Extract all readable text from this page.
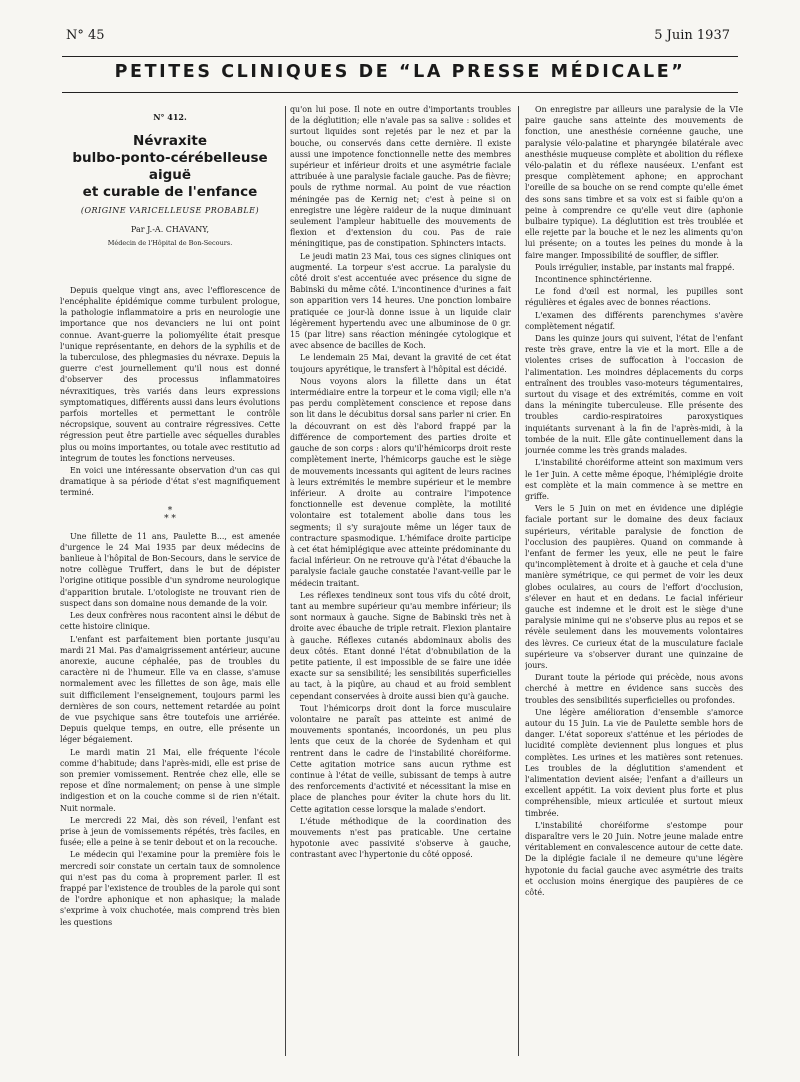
N° 45	5 Juin 1937
PETITES CLINIQUES DE “LA PRESSE MÉDICALE”
N° 412.
Névraxite
bulbo-ponto-cérébelleuse aiguë
et curable de l'enfance
(ORIGINE VARICELLEUSE PROBABLE)
Par J.-A. CHAVANY,
Médecin de l'Hôpital de Bon-Secours.

Depuis quelque vingt ans, avec l'efflorescence de l'encéphalite épidémique comme turbulent prologue, la pathologie inflammatoire a pris en neurologie une importance que nos devanciers ne lui ont point connue. Avant-guerre la poliomyélite était presque l'unique représentante, en dehors de la syphilis et de la tuberculose, des phlegmasies du névraxe. Depuis la guerre c'est journellement qu'il nous est donné d'observer des processus inflammatoires névraxitiques, très variés dans leurs expressions symptomatiques, différents aussi dans leurs évolutions parfois mortelles et permettant le contrôle nécropsique, souvent au contraire régressives. Cette régression peut être partielle avec séquelles durables plus ou moins importantes, ou totale avec restitutio ad integrum de toutes les fonctions nerveuses.

En voici une intéressante observation d'un cas qui dramatique à sa période d'état s'est magnifiquement terminé.

*
* *

Une fillette de 11 ans, Paulette B..., est amenée d'urgence le 24 Mai 1935 par deux médecins de banlieue à l'hôpital de Bon-Secours, dans le service de notre collègue Truffert, dans le but de dépister l'origine otitique possible d'un syndrome neurologique d'apparition brutale. L'otologiste ne trouvant rien de suspect dans son domaine nous demande de la voir.

Les deux confrères nous racontent ainsi le début de cette histoire clinique.

L'enfant est parfaitement bien portante jusqu'au mardi 21 Mai. Pas d'amaigrissement antérieur, aucune anorexie, aucune céphalée, pas de troubles du caractère ni de l'humeur. Elle va en classe, s'amuse normalement avec les fillettes de son âge, mais elle suit difficilement l'enseignement, toujours parmi les dernières de son cours, nettement retardée au point de vue psychique sans être toutefois une arriérée. Depuis quelque temps, en outre, elle présente un léger bégaiement.

Le mardi matin 21 Mai, elle fréquente l'école comme d'habitude; dans l'après-midi, elle est prise de son premier vomissement. Rentrée chez elle, elle se repose et dîne normalement; on pense à une simple indigestion et on la couche comme si de rien n'était. Nuit normale.

Le mercredi 22 Mai, dès son réveil, l'enfant est prise à jeun de vomissements répétés, très faciles, en fusée; elle a peine à se tenir debout et on la recouche.

Le médecin qui l'examine pour la première fois le mercredi soir constate un certain taux de somnolence qui n'est pas du coma à proprement parler. Il est frappé par l'existence de troubles de la parole qui sont de l'ordre aphonique et non aphasique; la malade s'exprime à voix chuchotée, mais comprend très bien les questions

qu'on lui pose. Il note en outre d'importants troubles de la déglutition; elle n'avale pas sa salive : solides et surtout liquides sont rejetés par le nez et par la bouche, ou conservés dans cette dernière. Il existe aussi une impotence fonctionnelle nette des membres supérieur et inférieur droits et une asymétrie faciale attribuée à une paralysie faciale gauche. Pas de fièvre; pouls de rythme normal. Au point de vue réaction méningée pas de Kernig net; c'est à peine si on enregistre une légère raideur de la nuque diminuant seulement l'ampleur habituelle des mouvements de flexion et d'extension du cou. Pas de raie méningitique, pas de constipation. Sphincters intacts.

Le jeudi matin 23 Mai, tous ces signes cliniques ont augmenté. La torpeur s'est accrue. La paralysie du côté droit s'est accentuée avec présence du signe de Babinski du même côté. L'incontinence d'urines a fait son apparition vers 14 heures. Une ponction lombaire pratiquée ce jour-là donne issue à un liquide clair légèrement hypertendu avec une albuminose de 0 gr. 15 (par litre) sans réaction méningée cytologique et avec absence de bacilles de Koch.

Le lendemain 25 Mai, devant la gravité de cet état toujours apyrétique, le transfert à l'hôpital est décidé.

Nous voyons alors la fillette dans un état intermédiaire entre la torpeur et le coma vigil; elle n'a pas perdu complètement conscience et repose dans son lit dans le décubitus dorsal sans parler ni crier. En la découvrant on est dès l'abord frappé par la différence de comportement des parties droite et gauche de son corps : alors qu'il'hémicorps droit reste complètement inerte, l'hémicorps gauche est le siège de mouvements incessants qui agitent de leurs racines à leurs extrémités le membre supérieur et le membre inférieur. A droite au contraire l'impotence fonctionnelle est devenue complète, la motilité volontaire est totalement abolie dans tous les segments; il s'y surajoute même un léger taux de contracture spasmodique. L'hémiface droite participe à cet état hémiplégique avec atteinte prédominante du facial inférieur. On ne retrouve qu'à l'état d'ébauche la paralysie faciale gauche constatée l'avant-veille par le médecin traitant.

Les réflexes tendineux sont tous vifs du côté droit, tant au membre supérieur qu'au membre inférieur; ils sont normaux à gauche. Signe de Babinski très net à droite avec ébauche de triple retrait. Flexion plantaire à gauche. Réflexes cutanés abdominaux abolis des deux côtés. Etant donné l'état d'obnubilation de la petite patiente, il est impossible de se faire une idée exacte sur sa sensibilité; les sensibilités superficielles au tact, à la piqûre, au chaud et au froid semblent cependant conservées à droite aussi bien qu'à gauche.

Tout l'hémicorps droit dont la force musculaire volontaire ne paraît pas atteinte est animé de mouvements spontanés, incoordonés, un peu plus lents que ceux de la chorée de Sydenham et qui rentrent dans le cadre de l'instabilité choréiforme. Cette agitation motrice sans aucun rythme est continue à l'état de veille, subissant de temps à autre des renforcements d'activité et nécessitant la mise en place de planches pour éviter la chute hors du lit. Cette agitation cesse lorsque la malade s'endort.

L'étude méthodique de la coordination des mouvements n'est pas praticable. Une certaine hypotonie avec passivité s'observe à gauche, contrastant avec l'hypertonie du côté opposé.

On enregistre par ailleurs une paralysie de la VIe paire gauche sans atteinte des mouvements de fonction, une anesthésie cornéenne gauche, une paralysie vélo-palatine et pharyngée bilatérale avec anesthésie muqueuse complète et abolition du réflexe vélo-palatin et du réflexe nauséeux. L'enfant est presque complètement aphone; en approchant l'oreille de sa bouche on se rend compte qu'elle émet des sons sans timbre et sa voix est si faible qu'on a peine à comprendre ce qu'elle veut dire (aphonie bulbaire typique). La déglutition est très troublée et elle rejette par la bouche et le nez les aliments qu'on lui présente; on a toutes les peines du monde à la faire manger. Impossibilité de souffler, de siffler.

Pouls irrégulier, instable, par instants mal frappé.

Incontinence sphinctérienne.

Le fond d'œil est normal, les pupilles sont régulières et égales avec de bonnes réactions.

L'examen des différents parenchymes s'avère complètement négatif.

Dans les quinze jours qui suivent, l'état de l'enfant reste très grave, entre la vie et la mort. Elle a de violentes crises de suffocation à l'occasion de l'alimentation. Les moindres déplacements du corps entraînent des troubles vaso-moteurs tégumentaires, surtout du visage et des extrémités, comme en voit dans la méningite tuberculeuse. Elle présente des troubles cardio-respiratoires paroxystiques inquiétants survenant à la fin de l'après-midi, à la tombée de la nuit. Elle gâte continuellement dans la journée comme les très grands malades.

L'instabilité choréiforme atteint son maximum vers le 1er Juin. A cette même époque, l'hémiplégie droite est complète et la main commence à se mettre en griffe.

Vers le 5 Juin on met en évidence une diplégie faciale portant sur le domaine des deux faciaux supérieurs, véritable paralysie de fonction de l'occlusion des paupières. Quand on commande à l'enfant de fermer les yeux, elle ne peut le faire qu'incomplètement à droite et à gauche et cela d'une manière symétrique, ce qui permet de voir les deux globes oculaires, au cours de l'effort d'occlusion, s'élever en haut et en dedans. Le facial inférieur gauche est indemne et le droit est le siège d'une paralysie minime qui ne s'observe plus au repos et se révèle seulement dans les mouvements volontaires des lèvres. Ce curieux état de la musculature faciale supérieure va s'observer durant une quinzaine de jours.

Durant toute la période qui précède, nous avons cherché à mettre en évidence sans succès des troubles des sensibilités superficielles ou profondes.

Une légère amélioration d'ensemble s'amorce autour du 15 Juin. La vie de Paulette semble hors de danger. L'état soporeux s'atténue et les périodes de lucidité complète deviennent plus longues et plus complètes. Les urines et les matières sont retenues. Les troubles de la déglutition s'amendent et l'alimentation devient aisée; l'enfant a d'ailleurs un excellent appétit. La voix devient plus forte et plus compréhensible, mieux articulée et surtout mieux timbrée.

L'instabilité choréiforme s'estompe pour disparaître vers le 20 Juin. Notre jeune malade entre véritablement en convalescence autour de cette date. De la diplégie faciale il ne demeure qu'une légère hypotonie du facial gauche avec asymétrie des traits et occlusion moins énergique des paupières de ce côté.
